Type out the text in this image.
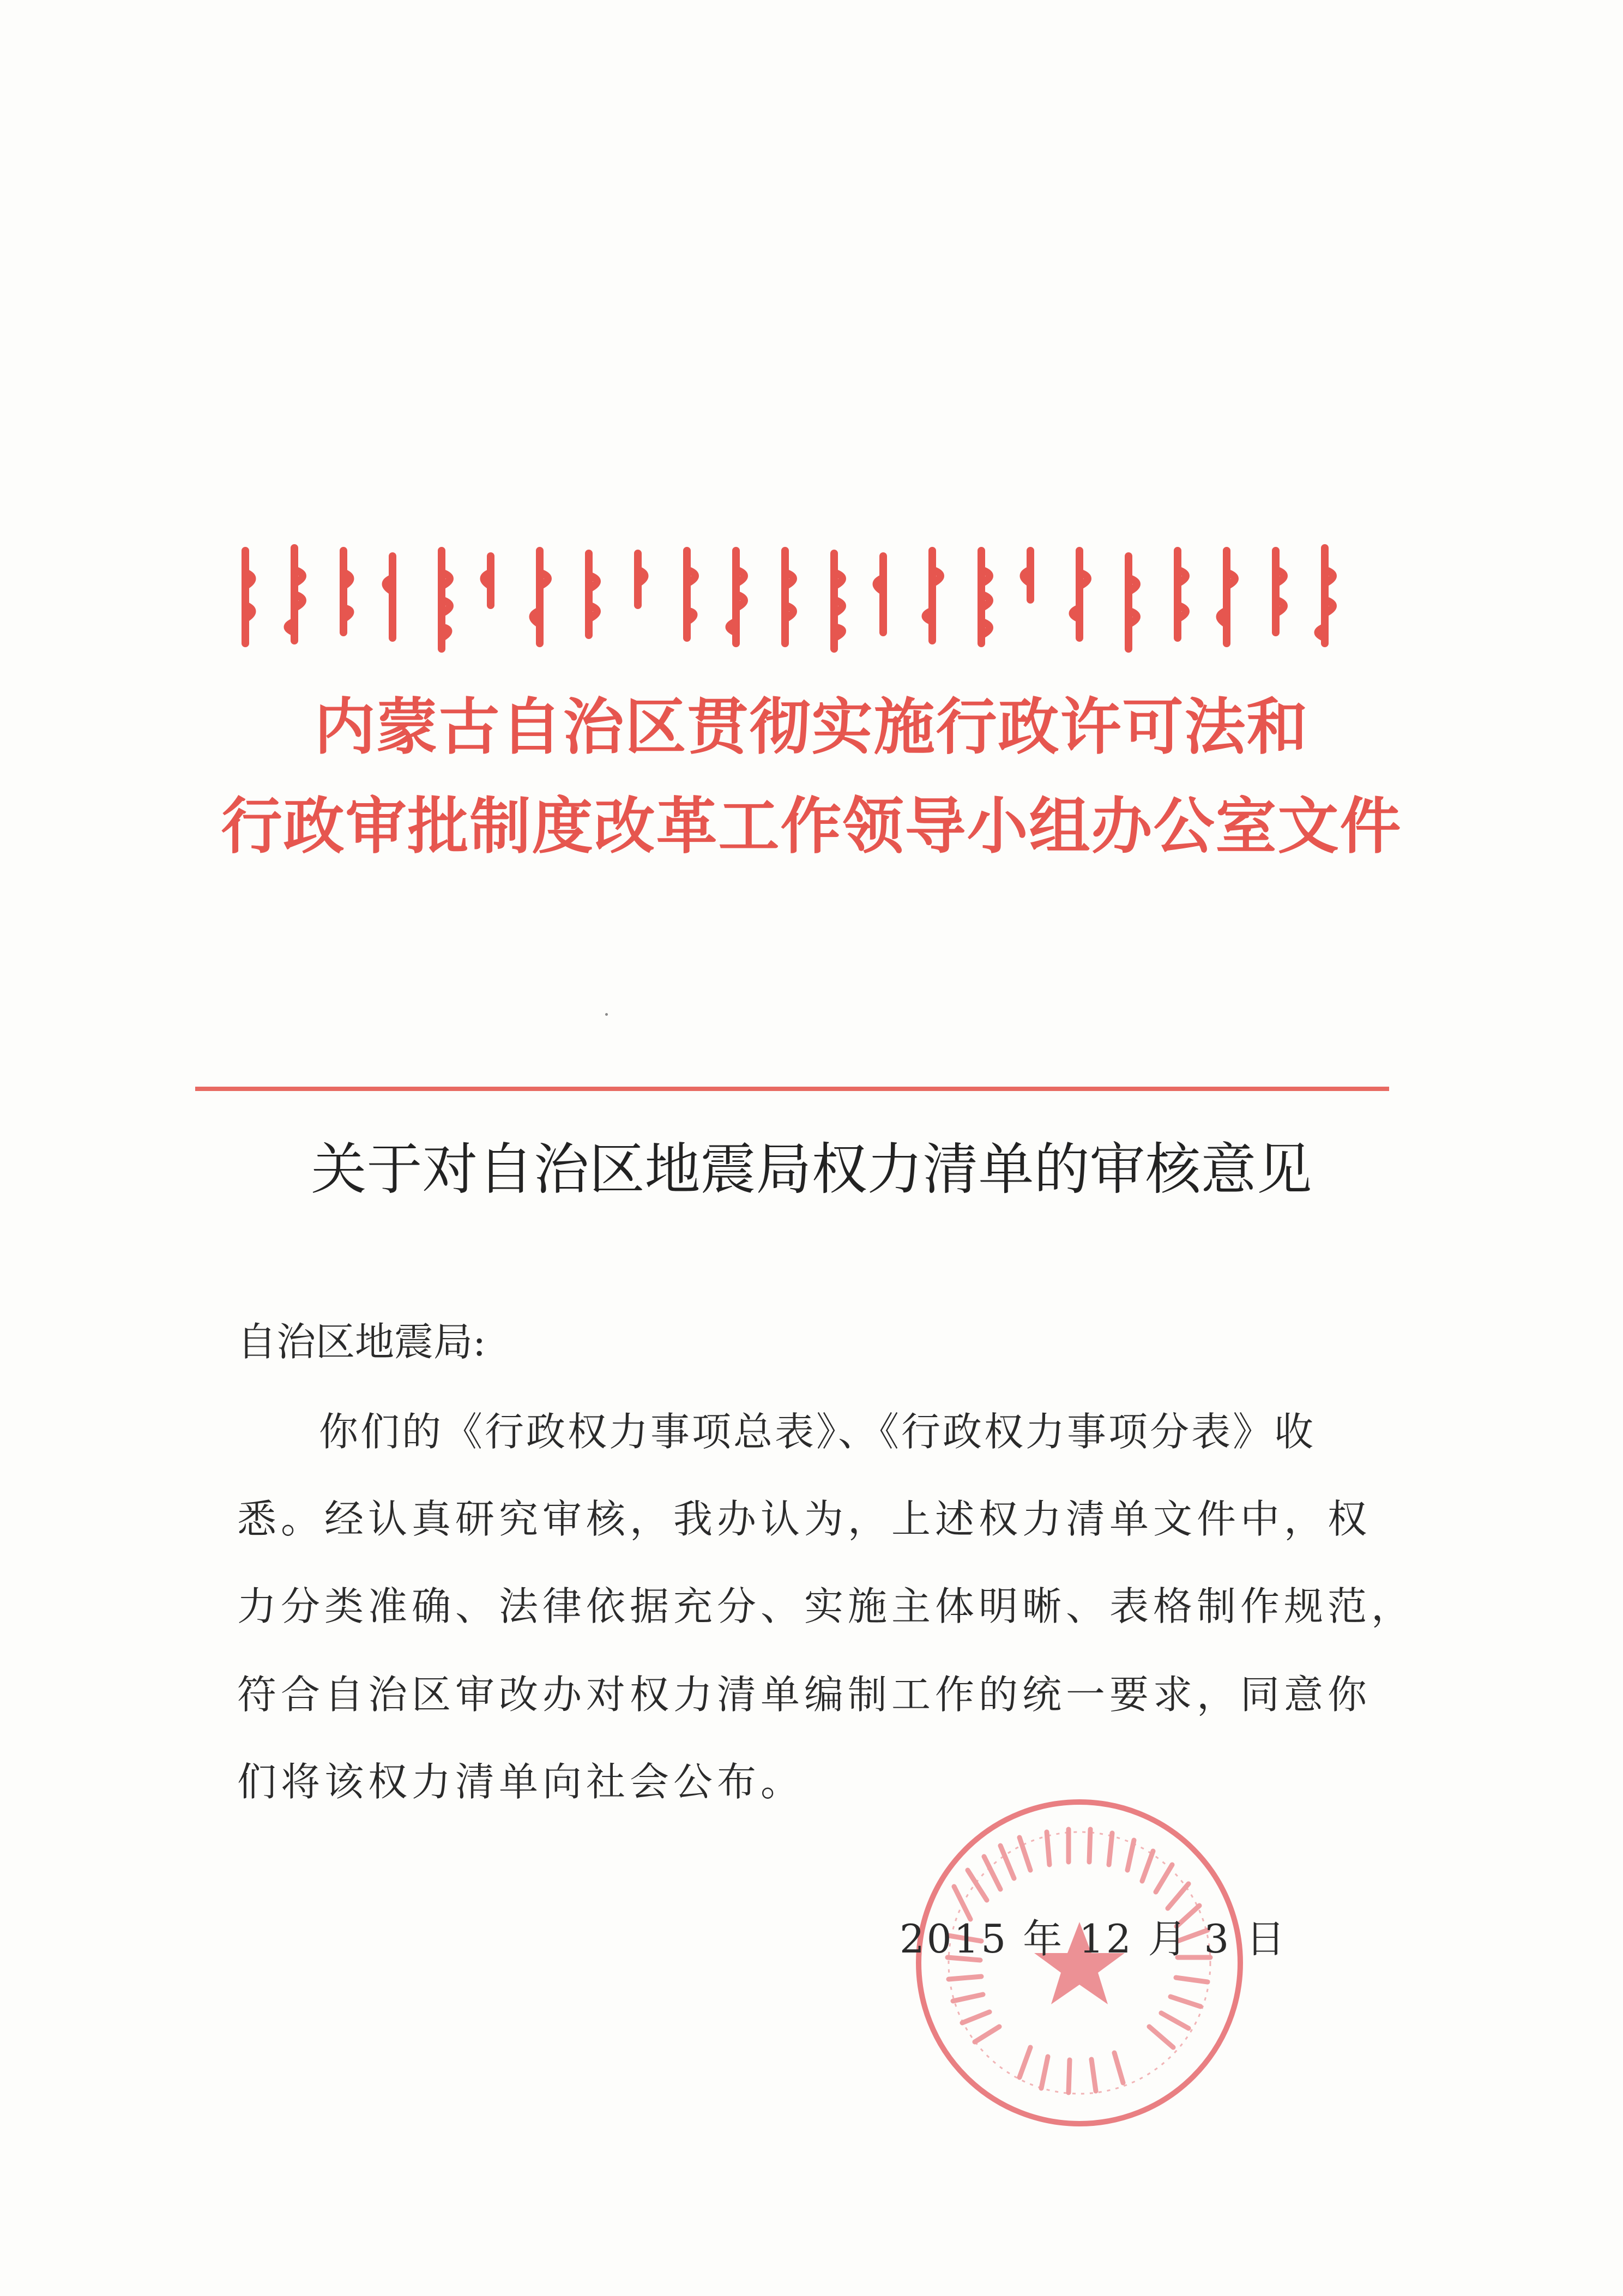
内蒙古自治区贯彻实施行政许可法和
行政审批制度改革工作领导小组办公室文件
关于对自治区地震局权力清单的审核意见
自治区地震局:
你们的《行政权力事项总表》、《行政权力事项分表》收
悉。经认真研究审核，我办认为，上述权力清单文件中，权
力分类准确、法律依据充分、实施主体明晰、表格制作规范，
符合自治区审改办对权力清单编制工作的统一要求，同意你
们将该权力清单向社会公布。
2015 年 12 月 3 日
